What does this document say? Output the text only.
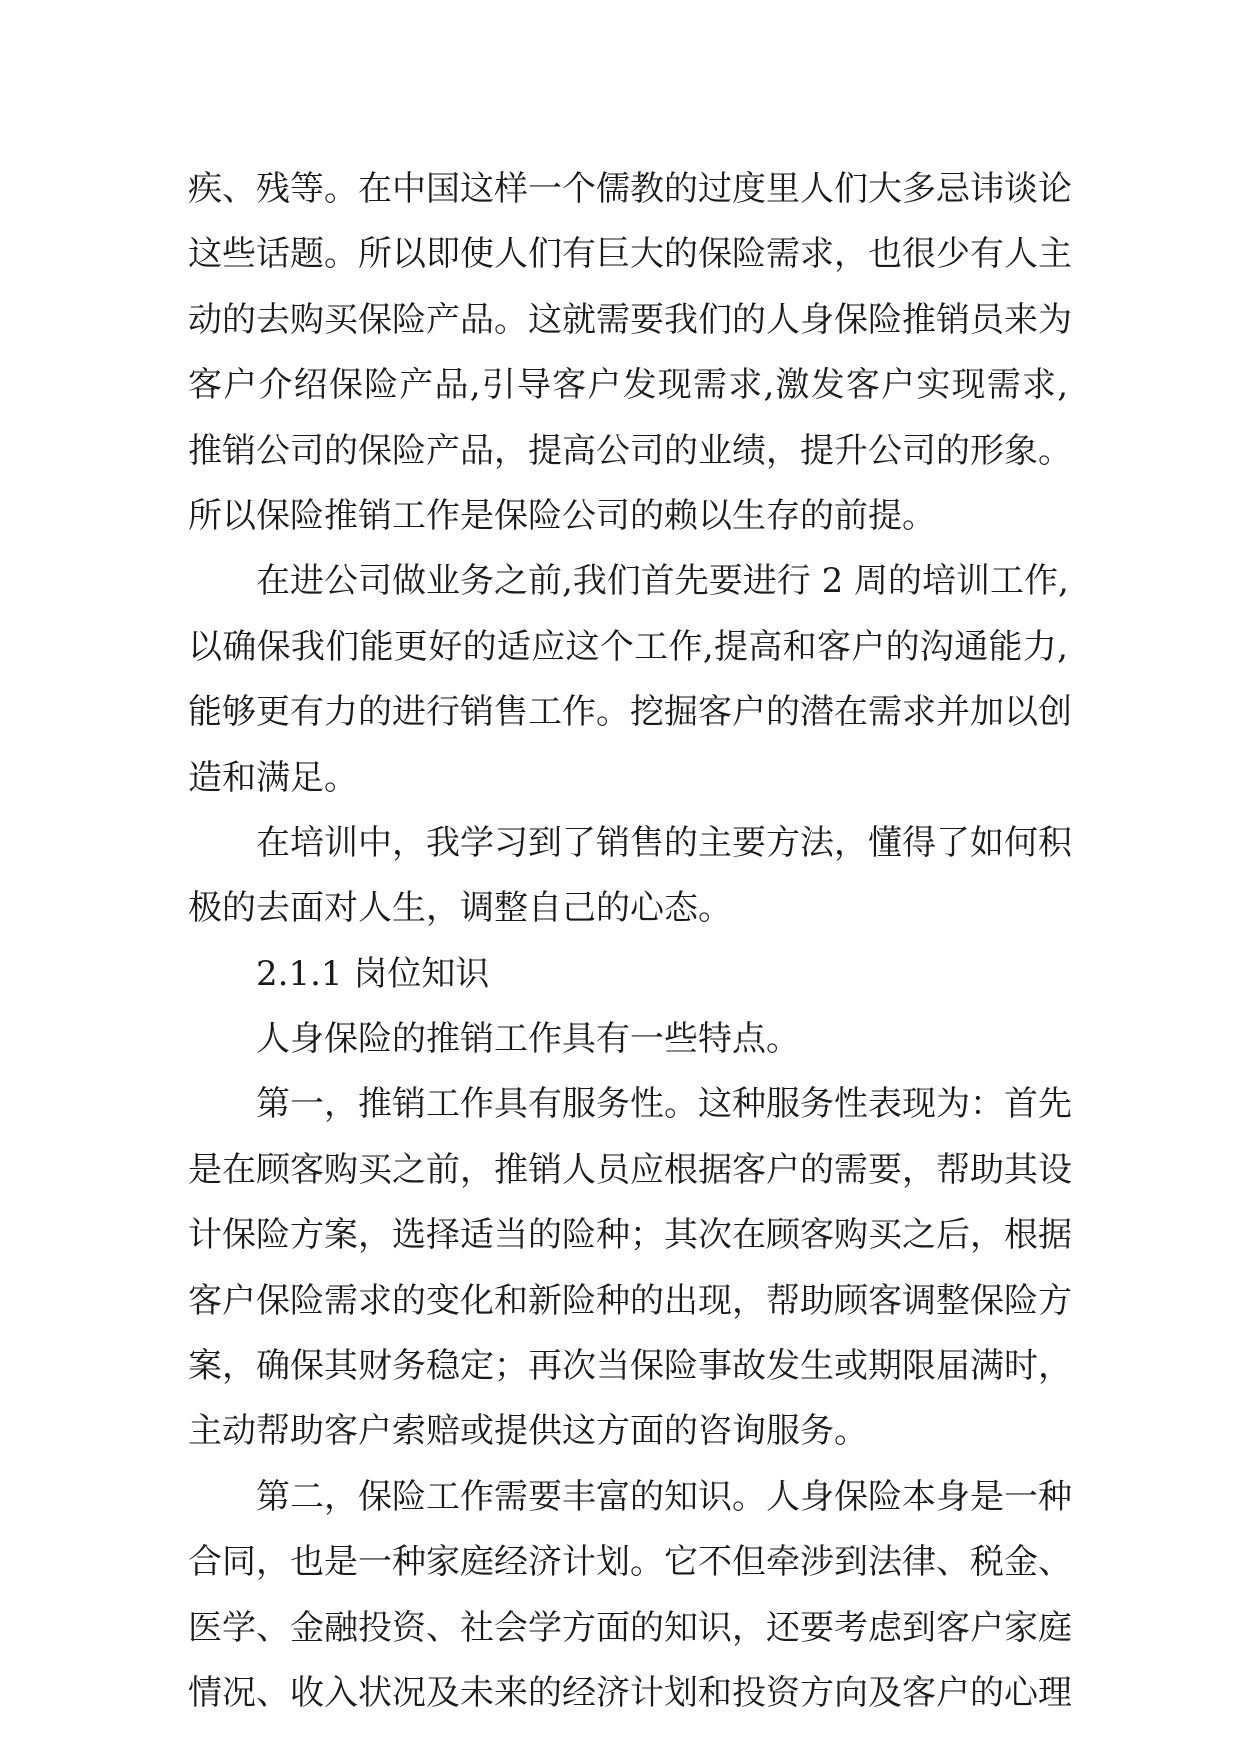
疾、残等。在中国这样一个儒教的过度里人们大多忌讳谈论
这些话题。所以即使人们有巨大的保险需求，也很少有人主
动的去购买保险产品。这就需要我们的人身保险推销员来为
客户介绍保险产品,引导客户发现需求,激发客户实现需求,
推销公司的保险产品，提高公司的业绩，提升公司的形象。
所以保险推销工作是保险公司的赖以生存的前提。
在进公司做业务之前,我们首先要进行 2 周的培训工作,
以确保我们能更好的适应这个工作,提高和客户的沟通能力,
能够更有力的进行销售工作。挖掘客户的潜在需求并加以创
造和满足。
在培训中，我学习到了销售的主要方法，懂得了如何积
极的去面对人生，调整自己的心态。
2.1.1 岗位知识
人身保险的推销工作具有一些特点。
第一，推销工作具有服务性。这种服务性表现为：首先
是在顾客购买之前，推销人员应根据客户的需要，帮助其设
计保险方案，选择适当的险种；其次在顾客购买之后，根据
客户保险需求的变化和新险种的出现，帮助顾客调整保险方
案，确保其财务稳定；再次当保险事故发生或期限届满时，
主动帮助客户索赔或提供这方面的咨询服务。
第二，保险工作需要丰富的知识。人身保险本身是一种
合同，也是一种家庭经济计划。它不但牵涉到法律、税金、
医学、金融投资、社会学方面的知识，还要考虑到客户家庭
情况、收入状况及未来的经济计划和投资方向及客户的心理
